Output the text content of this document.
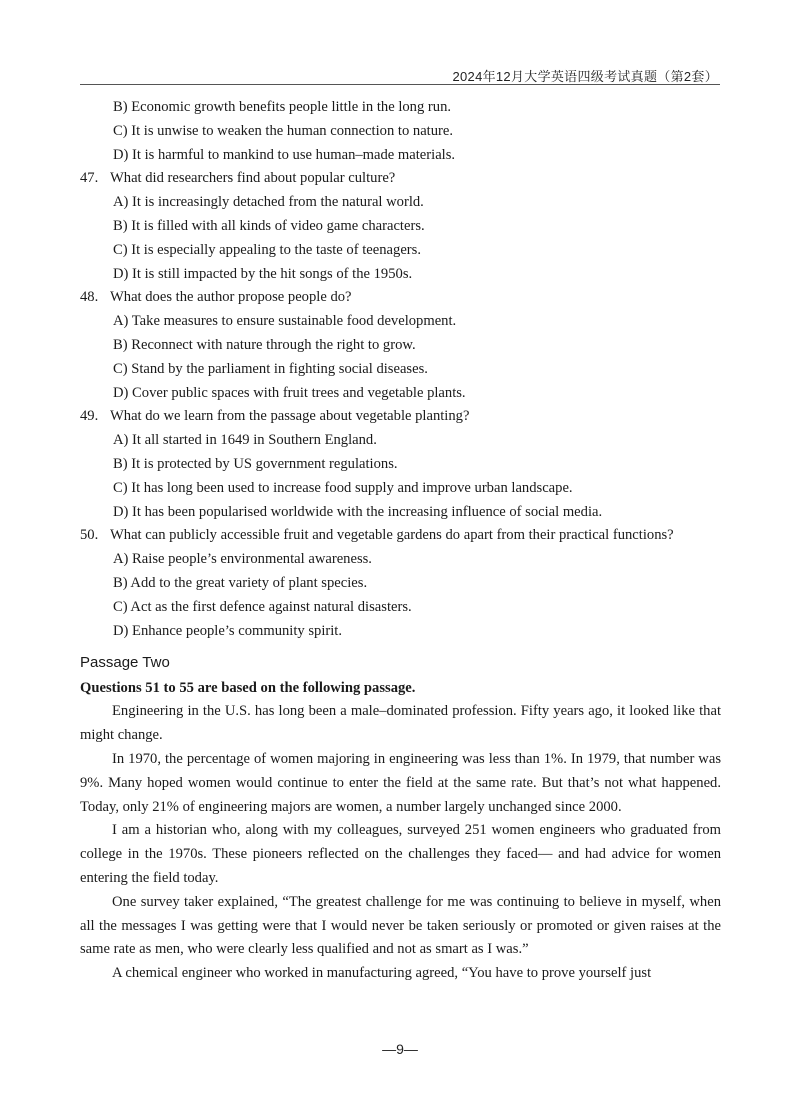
2024年12月大学英语四级考试真题（第2套）
B) Economic growth benefits people little in the long run.
C) It is unwise to weaken the human connection to nature.
D) It is harmful to mankind to use human–made materials.
47. What did researchers find about popular culture?
A) It is increasingly detached from the natural world.
B) It is filled with all kinds of video game characters.
C) It is especially appealing to the taste of teenagers.
D) It is still impacted by the hit songs of the 1950s.
48. What does the author propose people do?
A) Take measures to ensure sustainable food development.
B) Reconnect with nature through the right to grow.
C) Stand by the parliament in fighting social diseases.
D) Cover public spaces with fruit trees and vegetable plants.
49. What do we learn from the passage about vegetable planting?
A) It all started in 1649 in Southern England.
B) It is protected by US government regulations.
C) It has long been used to increase food supply and improve urban landscape.
D) It has been popularised worldwide with the increasing influence of social media.
50. What can publicly accessible fruit and vegetable gardens do apart from their practical functions?
A) Raise people’s environmental awareness.
B) Add to the great variety of plant species.
C) Act as the first defence against natural disasters.
D) Enhance people’s community spirit.
Passage Two
Questions 51 to 55 are based on the following passage.

Engineering in the U.S. has long been a male–dominated profession. Fifty years ago, it looked like that might change.

In 1970, the percentage of women majoring in engineering was less than 1%. In 1979, that number was 9%. Many hoped women would continue to enter the field at the same rate. But that’s not what happened. Today, only 21% of engineering majors are women, a number largely unchanged since 2000.

I am a historian who, along with my colleagues, surveyed 251 women engineers who graduated from college in the 1970s. These pioneers reflected on the challenges they faced— and had advice for women entering the field today.

One survey taker explained, “The greatest challenge for me was continuing to believe in myself, when all the messages I was getting were that I would never be taken seriously or promoted or given raises at the same rate as men, who were clearly less qualified and not as smart as I was.”

A chemical engineer who worked in manufacturing agreed, “You have to prove yourself just

—9—
